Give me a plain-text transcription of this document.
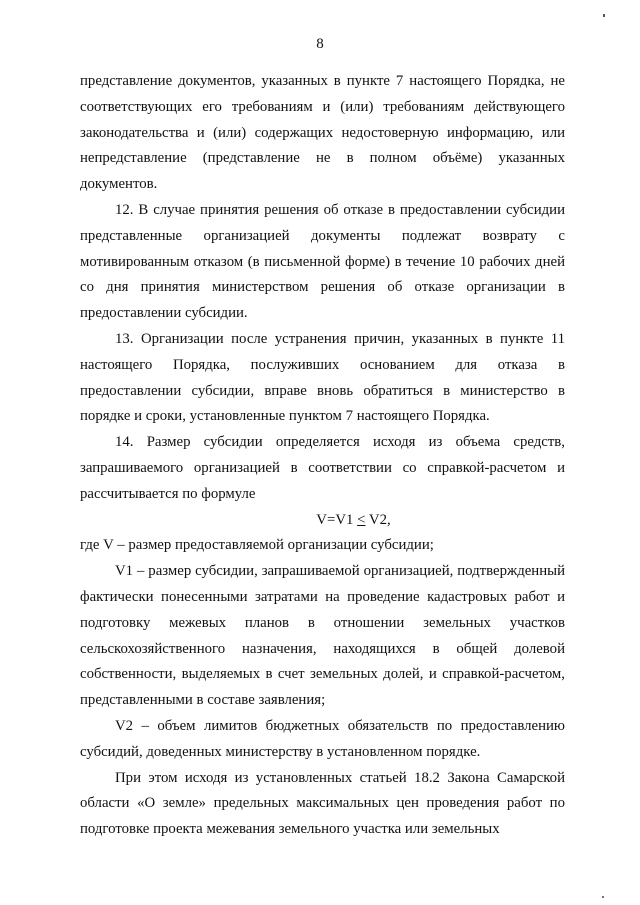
8

представление документов, указанных в пункте 7 настоящего Порядка, не соответствующих его требованиям и (или) требованиям действующего законодательства и (или) содержащих недостоверную информацию, или непредставление (представление не в полном объёме) указанных документов.

12. В случае принятия решения об отказе в предоставлении субсидии представленные организацией документы подлежат возврату с мотивированным отказом (в письменной форме) в течение 10 рабочих дней со дня принятия министерством решения об отказе организации в предоставлении субсидии.

13. Организации после устранения причин, указанных в пункте 11 настоящего Порядка, послуживших основанием для отказа в предоставлении субсидии, вправе вновь обратиться в министерство в порядке и сроки, установленные пунктом 7 настоящего Порядка.

14. Размер субсидии определяется исходя из объема средств, запрашиваемого организацией в соответствии со справкой-расчетом и рассчитывается по формуле

V=V1 < V2,

где V – размер предоставляемой организации субсидии;

V1 – размер субсидии, запрашиваемой организацией, подтвержденный фактически понесенными затратами на проведение кадастровых работ и подготовку межевых планов в отношении земельных участков сельскохозяйственного назначения, находящихся в общей долевой собственности, выделяемых в счет земельных долей, и справкой-расчетом, представленными в составе заявления;

V2 – объем лимитов бюджетных обязательств по предоставлению субсидий, доведенных министерству в установленном порядке.

При этом исходя из установленных статьей 18.2 Закона Самарской области «О земле» предельных максимальных цен проведения работ по подготовке проекта межевания земельного участка или земельных
